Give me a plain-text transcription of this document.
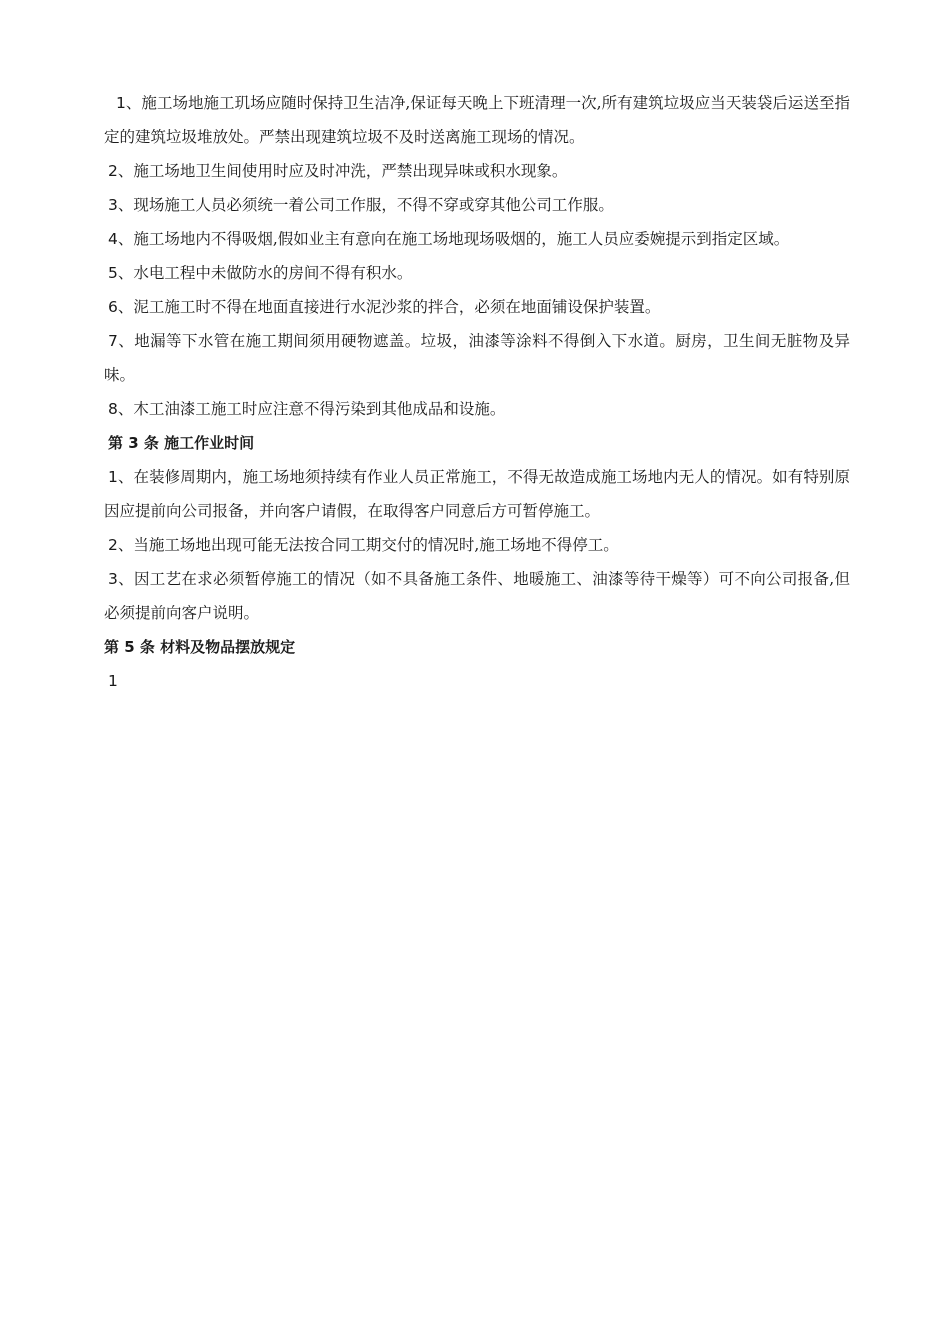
1、施工场地施工玑场应随时保持卫生洁净,保证每天晚上下班清理一次,所有建筑垃圾应当天装袋后运送至指定的建筑垃圾堆放处。严禁出现建筑垃圾不及时送离施工现场的情况。

2、施工场地卫生间使用时应及时冲洗，严禁出现异味或积水现象。

3、现场施工人员必须统一着公司工作服，不得不穿或穿其他公司工作服。

4、施工场地内不得吸烟,假如业主有意向在施工场地现场吸烟的，施工人员应委婉提示到指定区域。

5、水电工程中未做防水的房间不得有积水。

6、泥工施工时不得在地面直接进行水泥沙浆的拌合，必须在地面铺设保护装置。

7、地漏等下水管在施工期间须用硬物遮盖。垃圾，油漆等涂料不得倒入下水道。厨房，卫生间无脏物及异味。

8、木工油漆工施工时应注意不得污染到其他成品和设施。

第 3 条 施工作业时间

1、在装修周期内，施工场地须持续有作业人员正常施工，不得无故造成施工场地内无人的情况。如有特别原因应提前向公司报备，并向客户请假，在取得客户同意后方可暂停施工。

2、当施工场地出现可能无法按合同工期交付的情况时,施工场地不得停工。

3、因工艺在求必须暂停施工的情况（如不具备施工条件、地暖施工、油漆等待干燥等）可不向公司报备,但必须提前向客户说明。

第 5 条 材料及物品摆放规定

1
